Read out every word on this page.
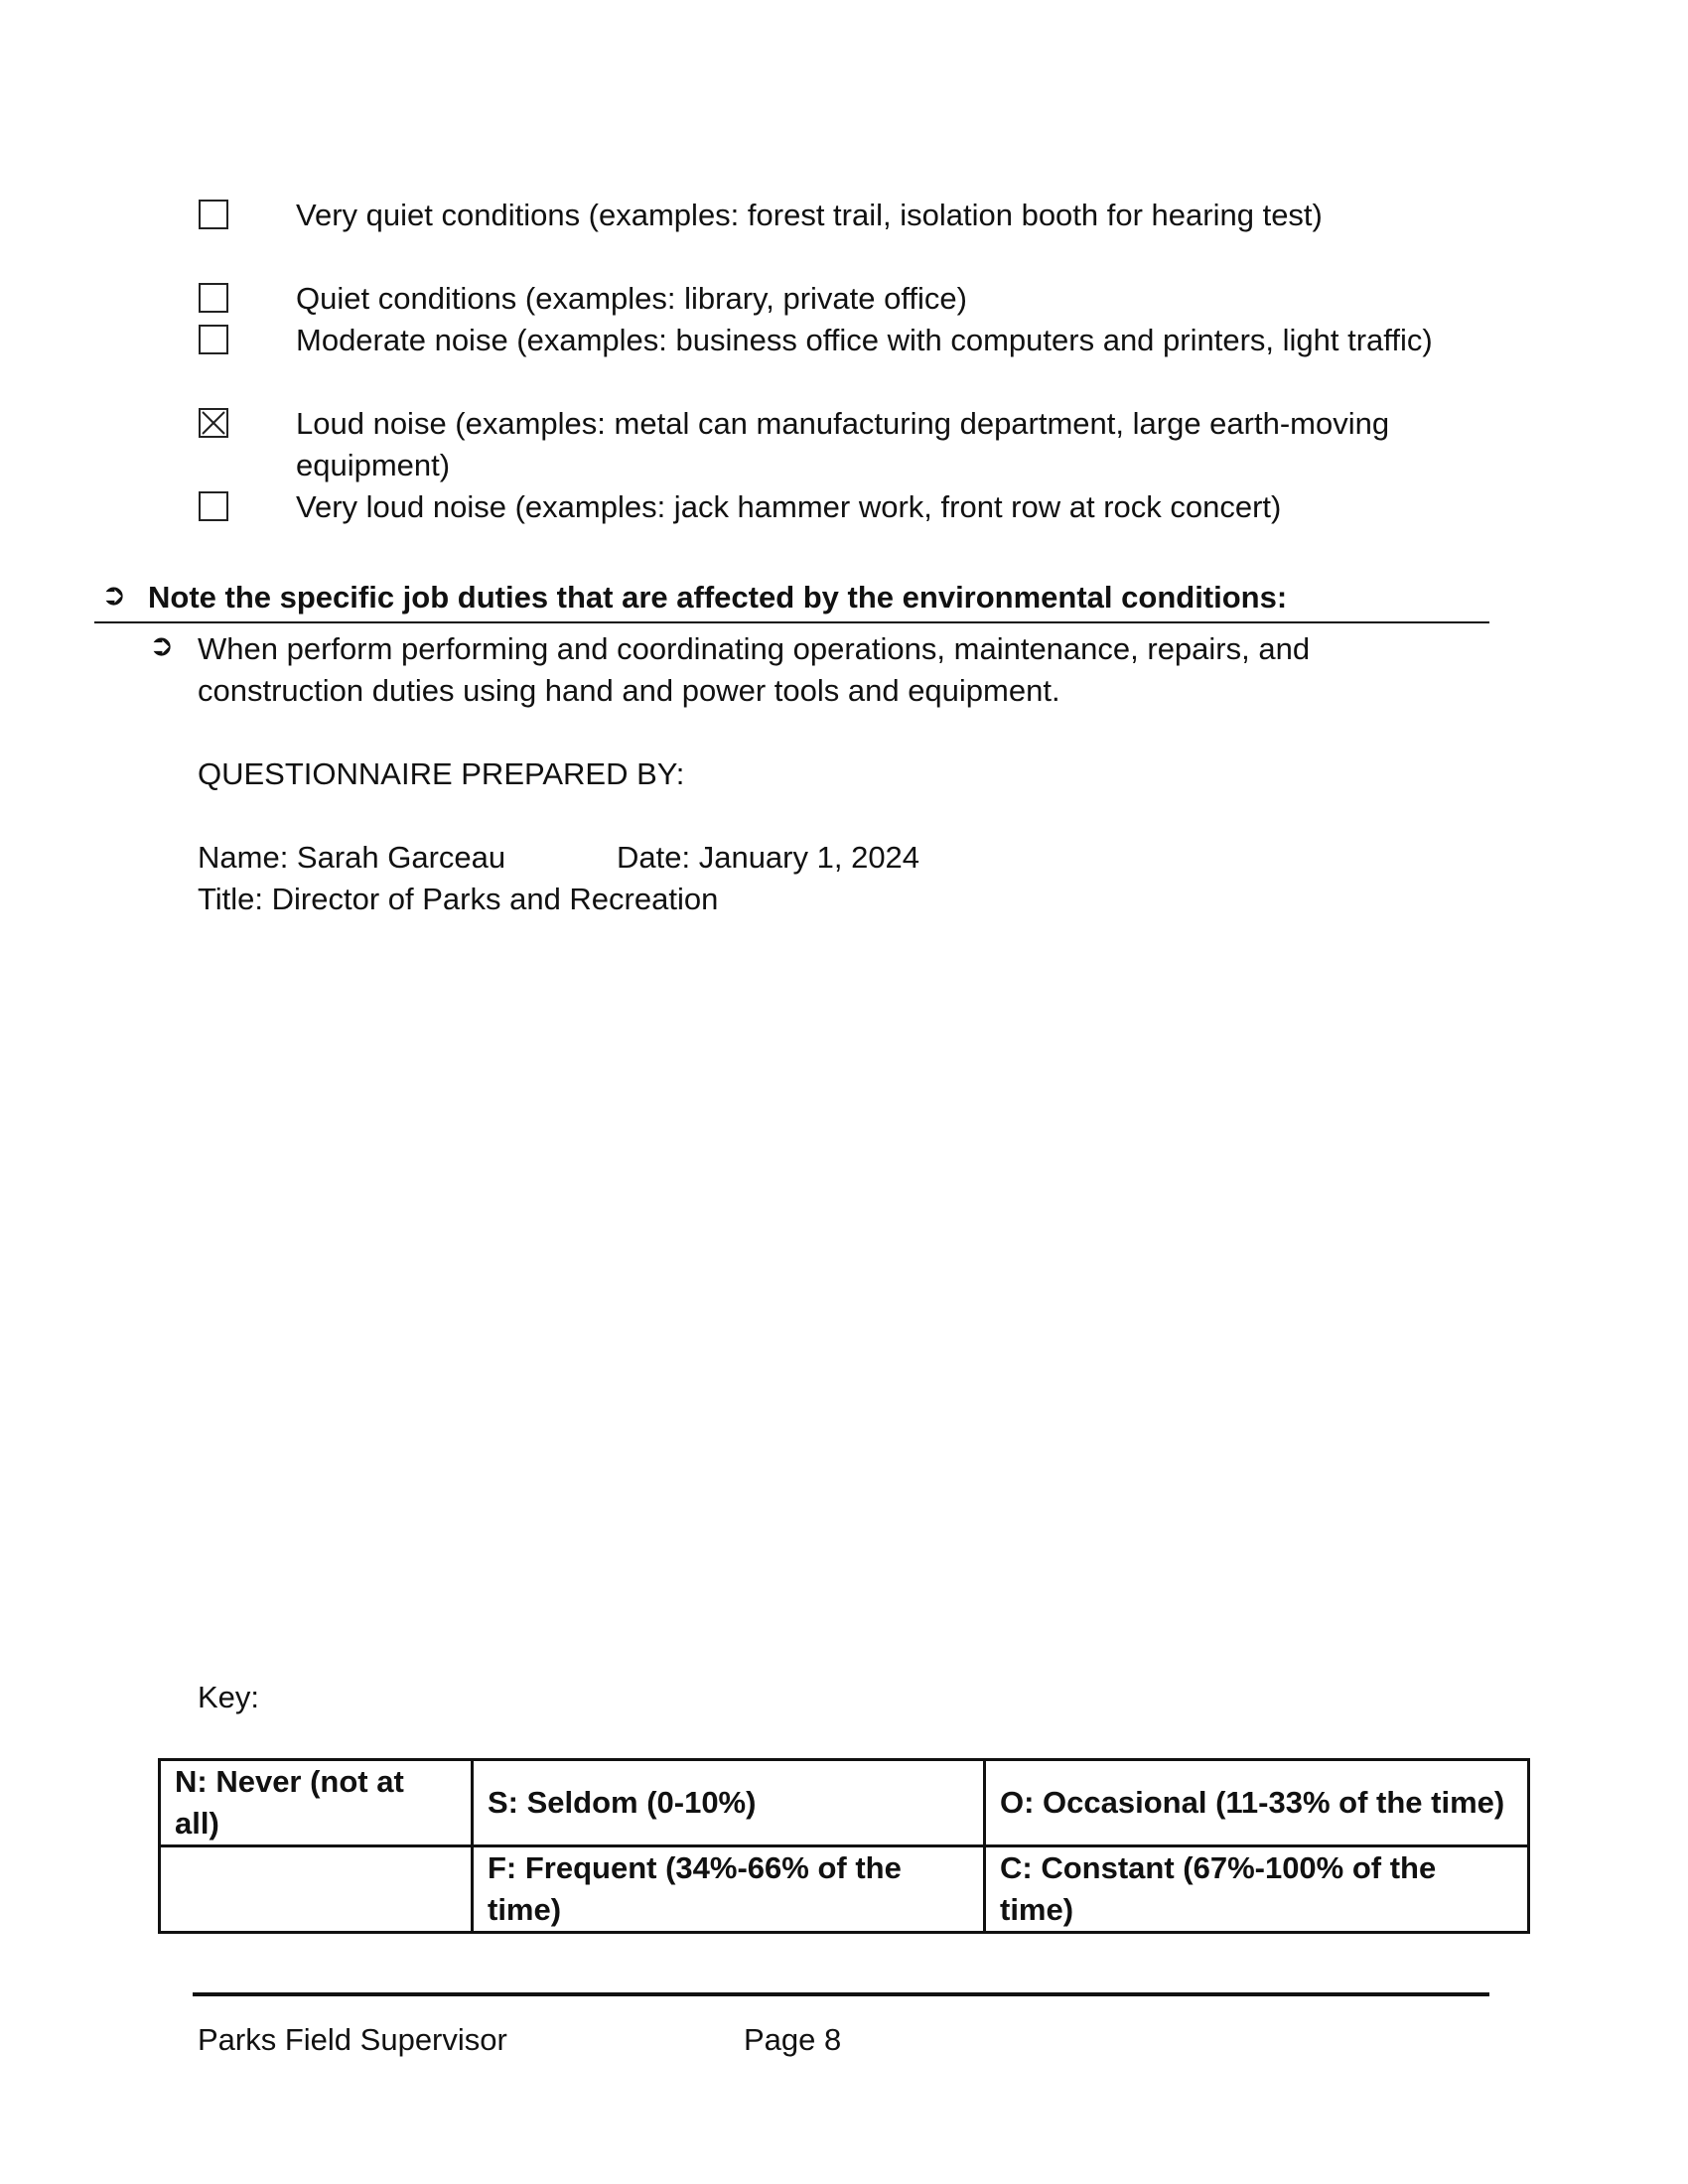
Very quiet conditions (examples: forest trail, isolation booth for hearing test)
Quiet conditions (examples: library, private office)
Moderate noise (examples: business office with computers and printers, light traffic)
Loud noise (examples: metal can manufacturing department, large earth-moving equipment)
Very loud noise (examples: jack hammer work, front row at rock concert)
➲ Note the specific job duties that are affected by the environmental conditions:
➲ When perform performing and coordinating operations, maintenance, repairs, and construction duties using hand and power tools and equipment.
QUESTIONNAIRE PREPARED BY:
Name: Sarah Garceau	Date: January 1, 2024
Title: Director of Parks and Recreation
Key:
N: Never (not at all)	S: Seldom (0-10%)	O: Occasional (11-33% of the time)
	F: Frequent (34%-66% of the time)	C: Constant (67%-100% of the time)
Parks Field Supervisor	Page 8
